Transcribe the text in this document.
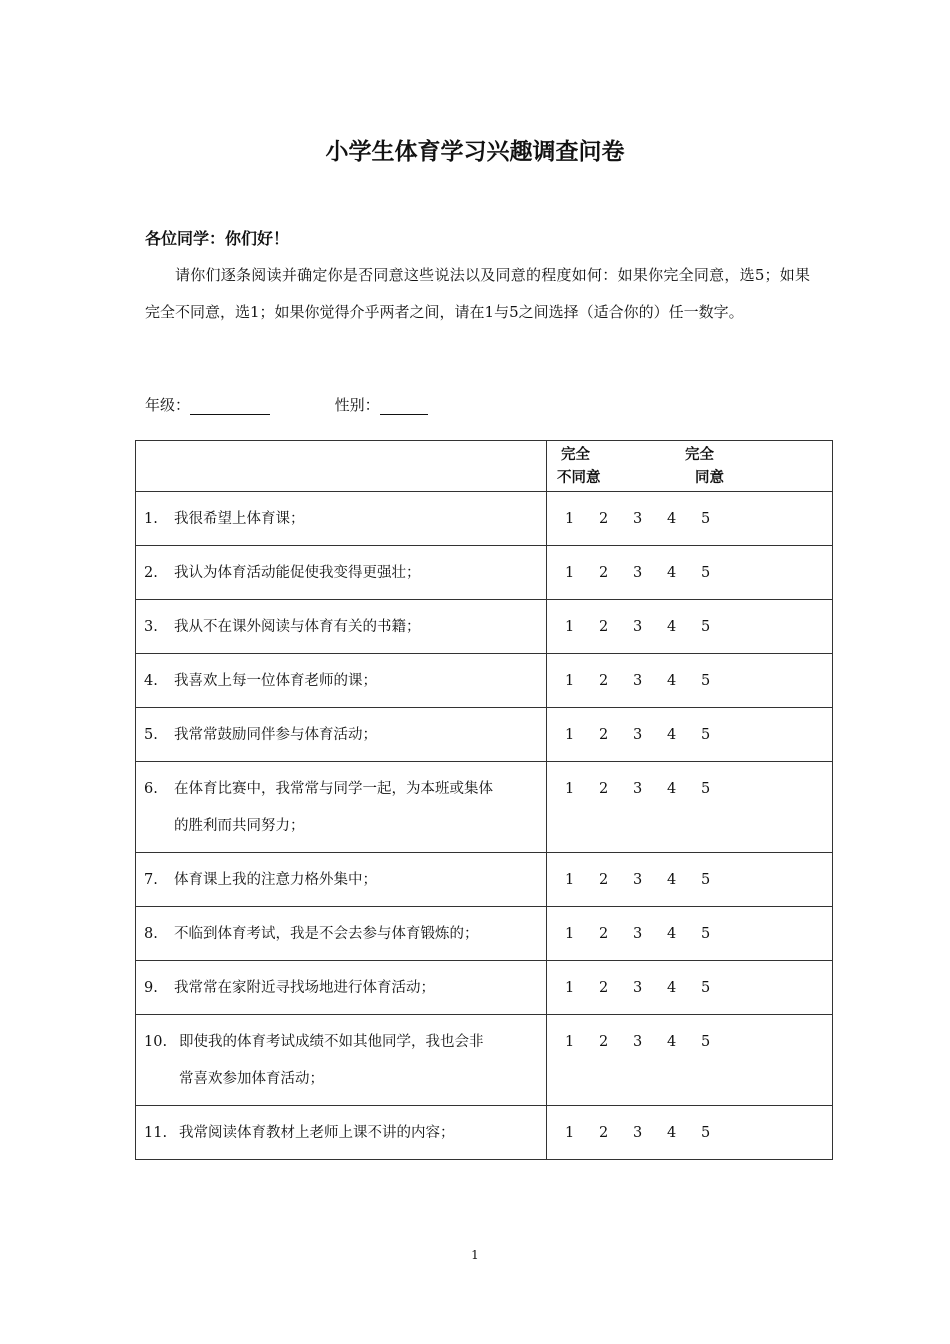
小学生体育学习兴趣调查问卷
各位同学：你们好！
请你们逐条阅读并确定你是否同意这些说法以及同意的程度如何：如果你完全同意，选5；如果完全不同意，选1；如果你觉得介乎两者之间，请在1与5之间选择（适合你的）任一数字。
年级：	性别：

	完全 完全
不同意 同意

1. 我很希望上体育课；	1 2 3 4 5

2. 我认为体育活动能促使我变得更强壮；	1 2 3 4 5

3. 我从不在课外阅读与体育有关的书籍；	1 2 3 4 5

4. 我喜欢上每一位体育老师的课；	1 2 3 4 5

5. 我常常鼓励同伴参与体育活动；	1 2 3 4 5

6. 在体育比赛中，我常常与同学一起，为本班或集体
的胜利而共同努力；	1 2 3 4 5

7. 体育课上我的注意力格外集中；	1 2 3 4 5

8. 不临到体育考试，我是不会去参与体育锻炼的；	1 2 3 4 5

9. 我常常在家附近寻找场地进行体育活动；	1 2 3 4 5

10. 即使我的体育考试成绩不如其他同学，我也会非
常喜欢参加体育活动；	1 2 3 4 5

11. 我常阅读体育教材上老师上课不讲的内容；	1 2 3 4 5
1
